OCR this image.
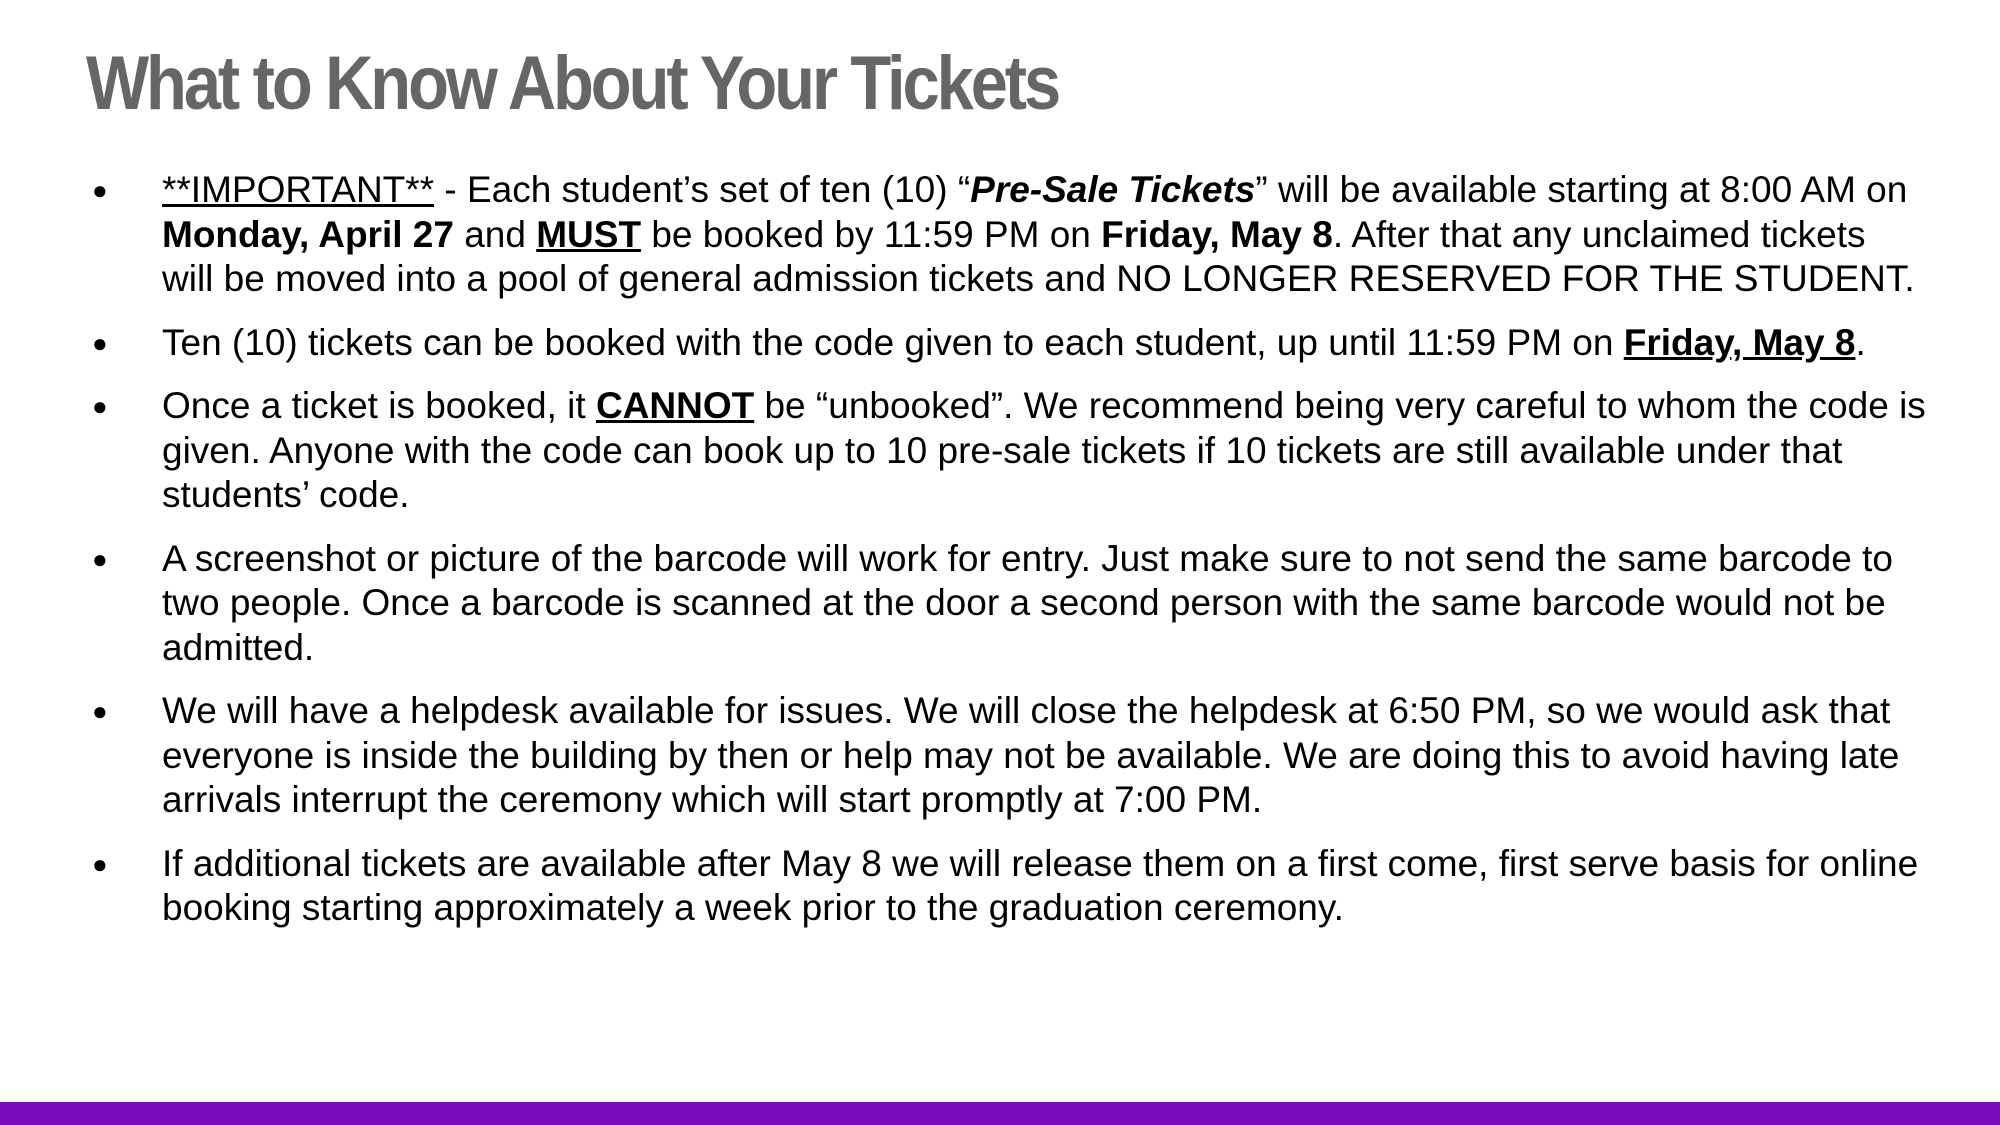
What to Know About Your Tickets
● **IMPORTANT** - Each student’s set of ten (10) “Pre-Sale Tickets” will be available starting at 8:00 AM on Monday, April 27 and MUST be booked by 11:59 PM on Friday, May 8. After that any unclaimed tickets will be moved into a pool of general admission tickets and NO LONGER RESERVED FOR THE STUDENT.
● Ten (10) tickets can be booked with the code given to each student, up until 11:59 PM on Friday, May 8.
● Once a ticket is booked, it CANNOT be “unbooked”. We recommend being very careful to whom the code is given. Anyone with the code can book up to 10 pre-sale tickets if 10 tickets are still available under that students’ code.
● A screenshot or picture of the barcode will work for entry. Just make sure to not send the same barcode to two people. Once a barcode is scanned at the door a second person with the same barcode would not be admitted.
● We will have a helpdesk available for issues. We will close the helpdesk at 6:50 PM, so we would ask that everyone is inside the building by then or help may not be available. We are doing this to avoid having late arrivals interrupt the ceremony which will start promptly at 7:00 PM.
● If additional tickets are available after May 8 we will release them on a first come, first serve basis for online booking starting approximately a week prior to the graduation ceremony.
